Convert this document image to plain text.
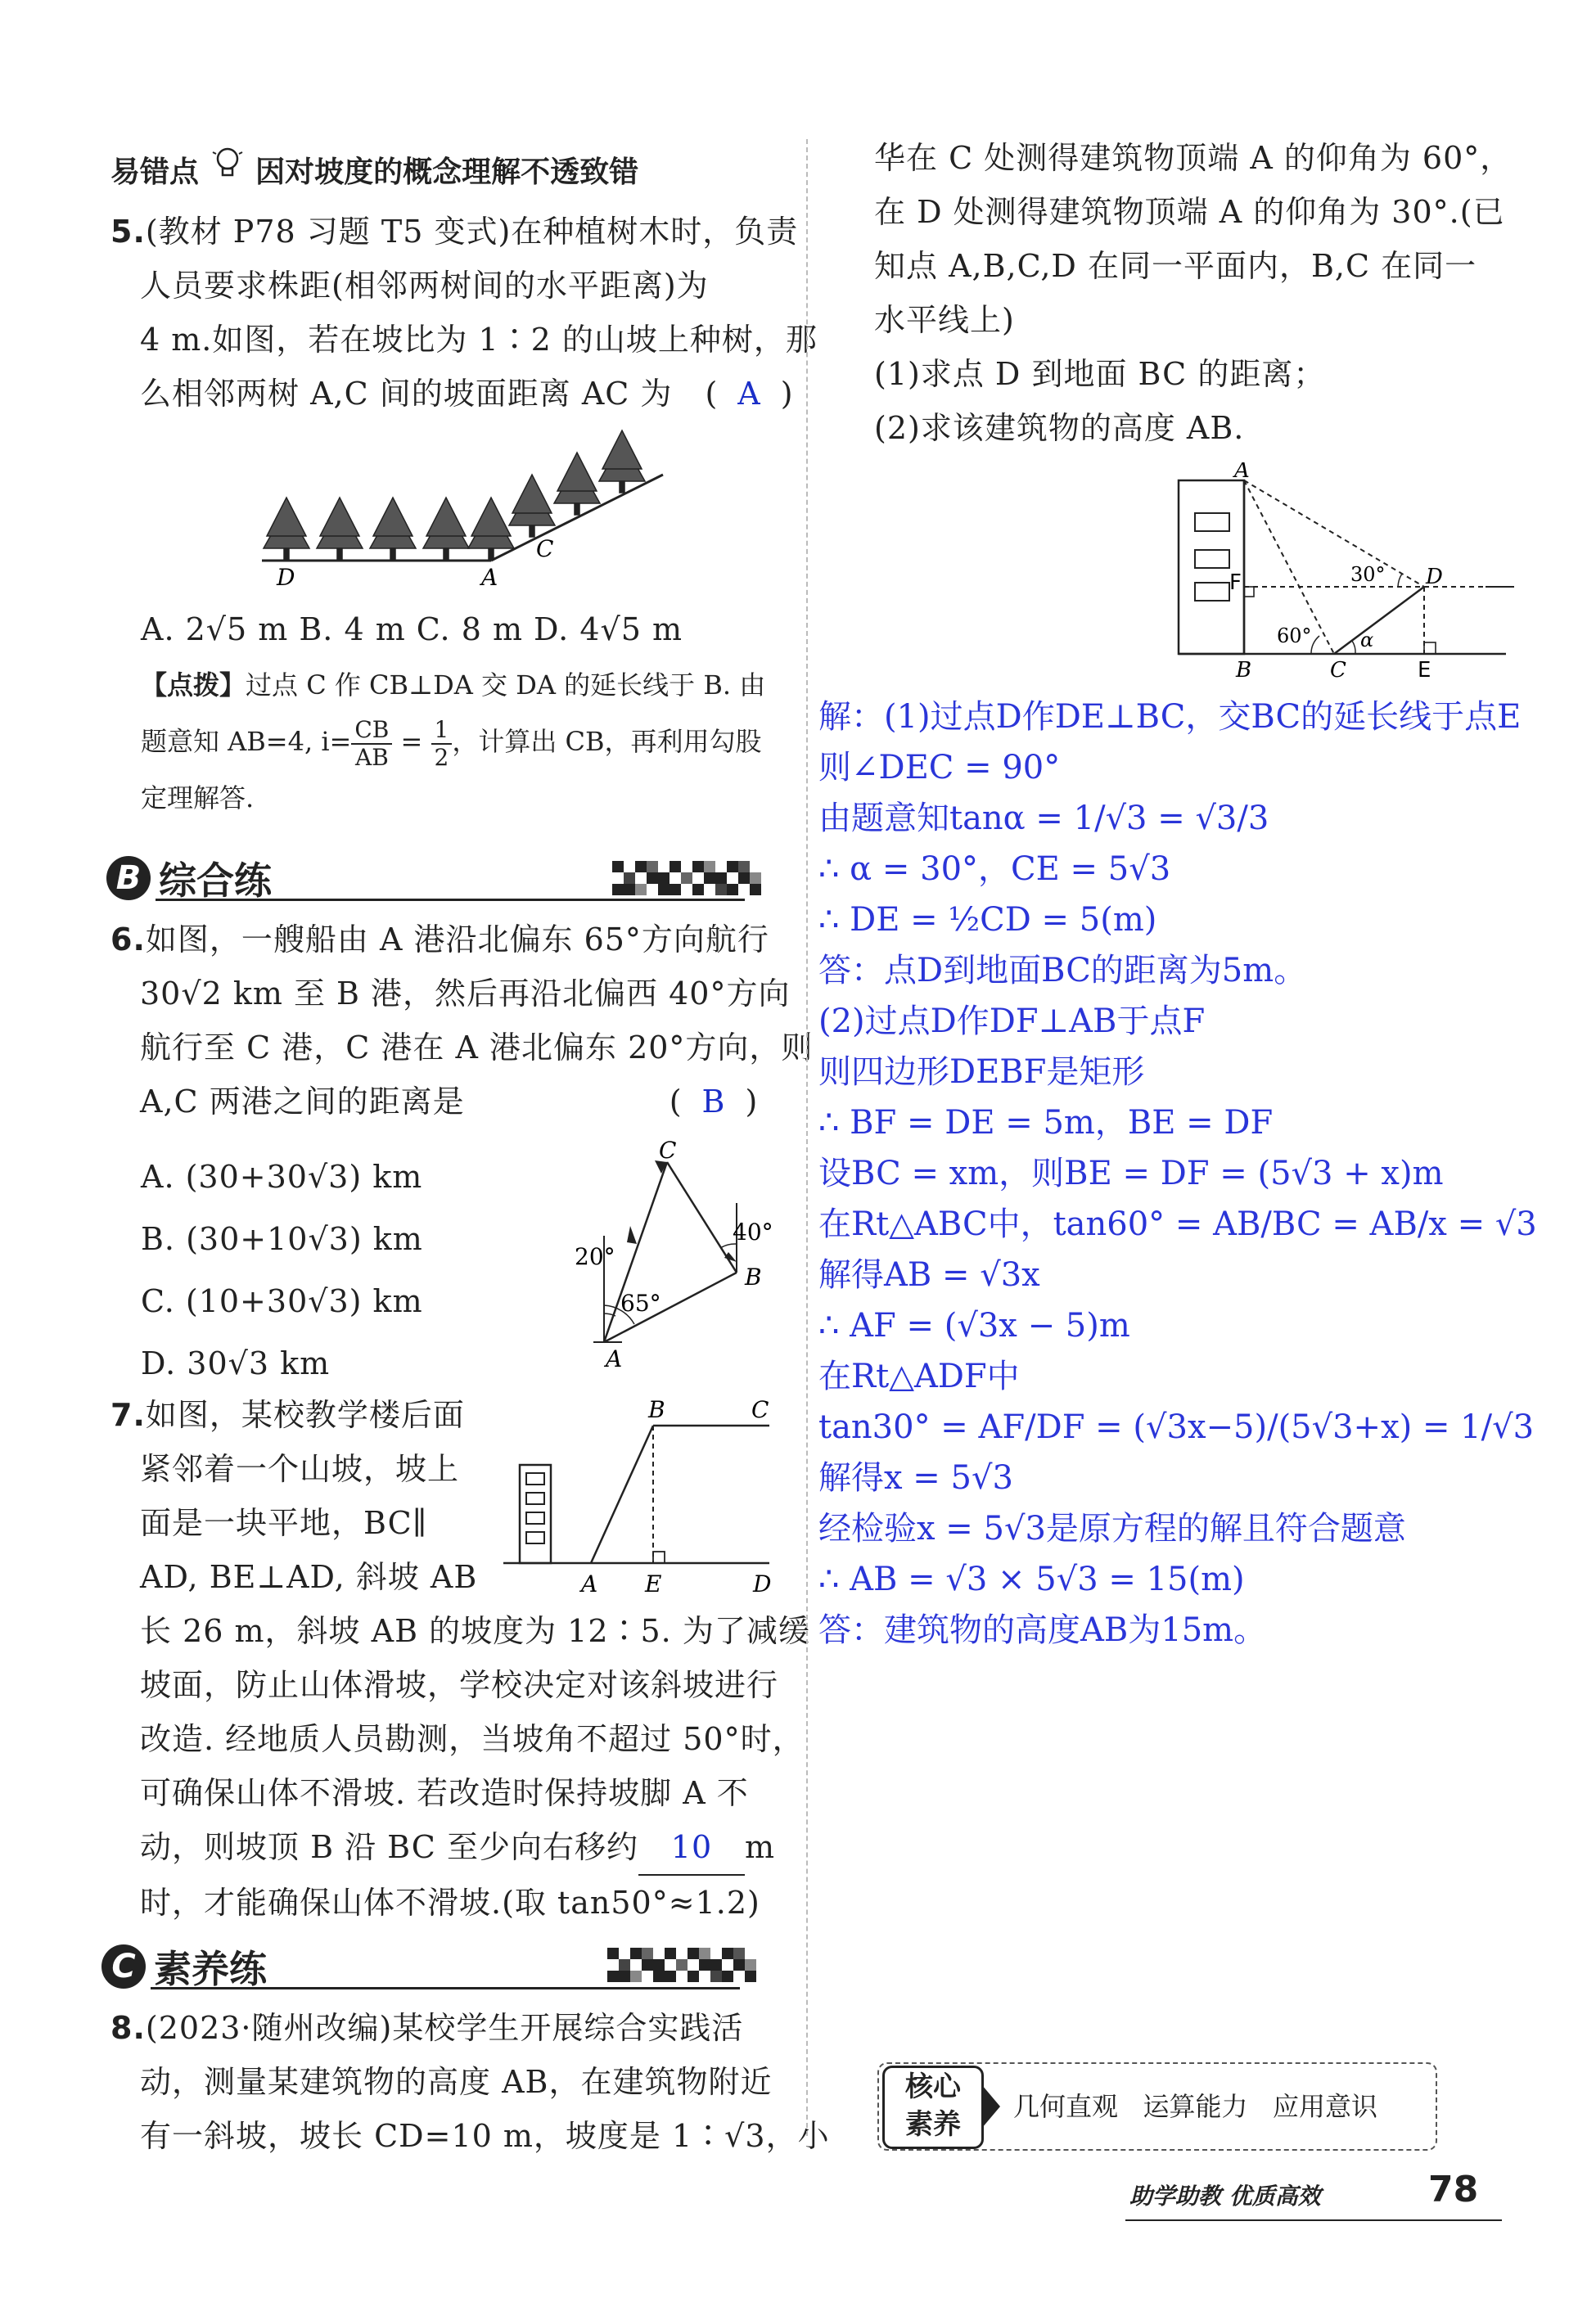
易错点 因对坡度的概念理解不透致错
5.(教材 P78 习题 T5 变式)在种植树木时，负责
人员要求株距(相邻两树间的水平距离)为
4 m.如图，若在坡比为 1∶2 的山坡上种树，那
么相邻两树 A,C 间的坡面距离 AC 为 ( A )
D	A
C
A. 2√5 m B. 4 m C. 8 m D. 4√5 m
【点拨】过点 C 作 CB⊥DA 交 DA 的延长线于 B. 由
题意知 AB=4, $i= \frac{CB}{AB} = \frac{1}{2}$ ，计算出 CB，再利用勾股
定理解答.
B 综合练
6.如图，一艘船由 A 港沿北偏东 65°方向航行
30√2 km 至 B 港，然后再沿北偏西 40°方向
航行至 C 港，C 港在 A 港北偏东 20°方向，则
A,C 两港之间的距离是	( B )
A. (30+30√3) km
B. (30+10√3) km
C. (10+30√3) km
D. 30√3 km
C
B
A
20°
40°
65°
7.如图，某校教学楼后面
紧邻着一个山坡，坡上
面是一块平地，BC∥
AD, BE⊥AD, 斜坡 AB
长 26 m，斜坡 AB 的坡度为 12∶5. 为了减缓
坡面，防止山体滑坡，学校决定对该斜坡进行
改造. 经地质人员勘测，当坡角不超过 50°时，
可确保山体不滑坡. 若改造时保持坡脚 A 不
动，则坡顶 B 沿 BC 至少向右移约 10 m
时，才能确保山体不滑坡.(取 tan50°≈1.2)
B	C
A E	D
C 素养练
8.(2023·随州改编)某校学生开展综合实践活
动，测量某建筑物的高度 AB，在建筑物附近
有一斜坡，坡长 CD=10 m，坡度是 1∶√3，小
华在 C 处测得建筑物顶端 A 的仰角为 60°，
在 D 处测得建筑物顶端 A 的仰角为 30°.(已
知点 A,B,C,D 在同一平面内，B,C 在同一
水平线上)
(1)求点 D 到地面 BC 的距离；
(2)求该建筑物的高度 AB.
A
B	C
D
E
F	30°
60° α
解：(1)过点D作DE⊥BC，交BC的延长线于点E
则∠DEC = 90°
由题意知tanα = 1/√3 = √3/3
∴ α = 30°，CE = 5√3
∴ DE = ½CD = 5(m)
答：点D到地面BC的距离为5m。
(2)过点D作DF⊥AB于点F
则四边形DEBF是矩形
∴ BF = DE = 5m，BE = DF
设BC = xm，则BE = DF = (5√3 + x)m
在Rt△ABC中，tan60° = AB/BC = AB/x = √3
解得AB = √3x
∴ AF = (√3x − 5)m
在Rt△ADF中
tan30° = AF/DF = (√3x−5)/(5√3+x) = 1/√3
解得x = 5√3
经检验x = 5√3是原方程的解且符合题意
∴ AB = √3 × 5√3 = 15(m)
答：建筑物的高度AB为15m。
核心
素养
几何直观   运算能力   应用意识
助学助教 优质高效	78
